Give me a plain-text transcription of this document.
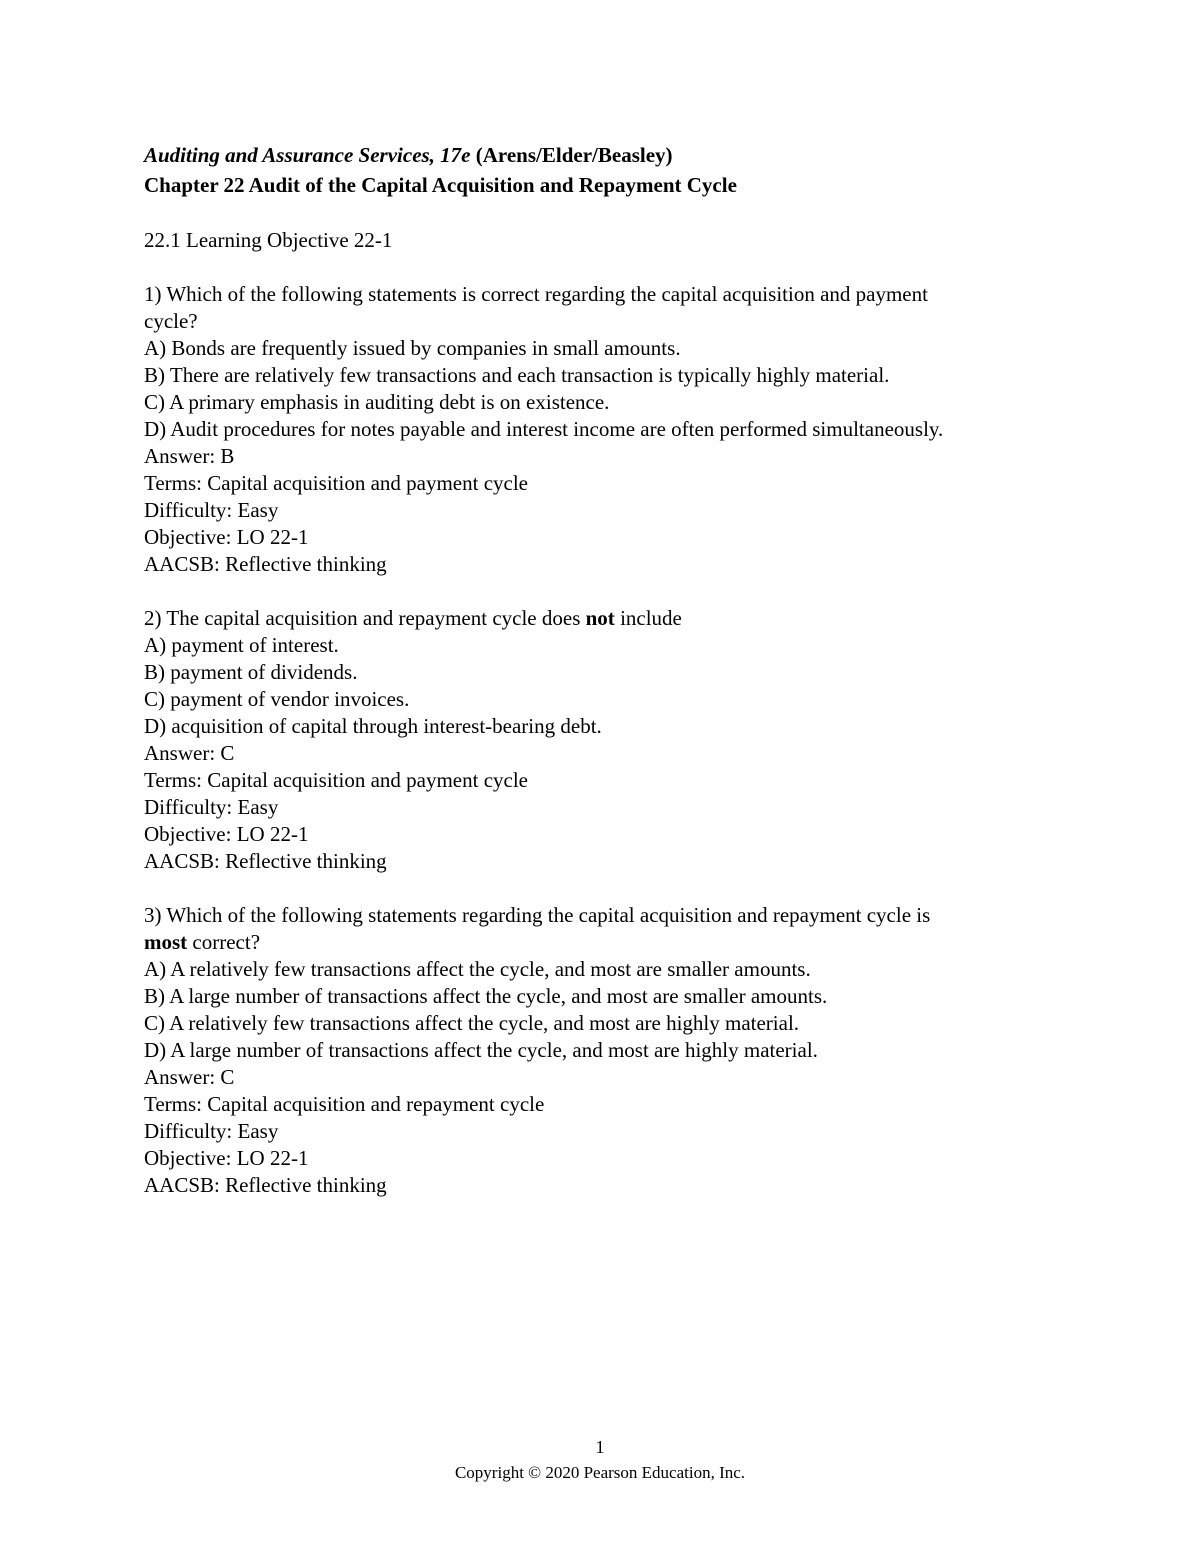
Auditing and Assurance Services, 17e (Arens/Elder/Beasley)
Chapter 22 Audit of the Capital Acquisition and Repayment Cycle
22.1 Learning Objective 22-1
1) Which of the following statements is correct regarding the capital acquisition and payment
cycle?
A) Bonds are frequently issued by companies in small amounts.
B) There are relatively few transactions and each transaction is typically highly material.
C) A primary emphasis in auditing debt is on existence.
D) Audit procedures for notes payable and interest income are often performed simultaneously.
Answer: B
Terms: Capital acquisition and payment cycle
Difficulty: Easy
Objective: LO 22-1
AACSB: Reflective thinking
2) The capital acquisition and repayment cycle does not include
A) payment of interest.
B) payment of dividends.
C) payment of vendor invoices.
D) acquisition of capital through interest-bearing debt.
Answer: C
Terms: Capital acquisition and payment cycle
Difficulty: Easy
Objective: LO 22-1
AACSB: Reflective thinking
3) Which of the following statements regarding the capital acquisition and repayment cycle is
most correct?
A) A relatively few transactions affect the cycle, and most are smaller amounts.
B) A large number of transactions affect the cycle, and most are smaller amounts.
C) A relatively few transactions affect the cycle, and most are highly material.
D) A large number of transactions affect the cycle, and most are highly material.
Answer: C
Terms: Capital acquisition and repayment cycle
Difficulty: Easy
Objective: LO 22-1
AACSB: Reflective thinking
1
Copyright © 2020 Pearson Education, Inc.
